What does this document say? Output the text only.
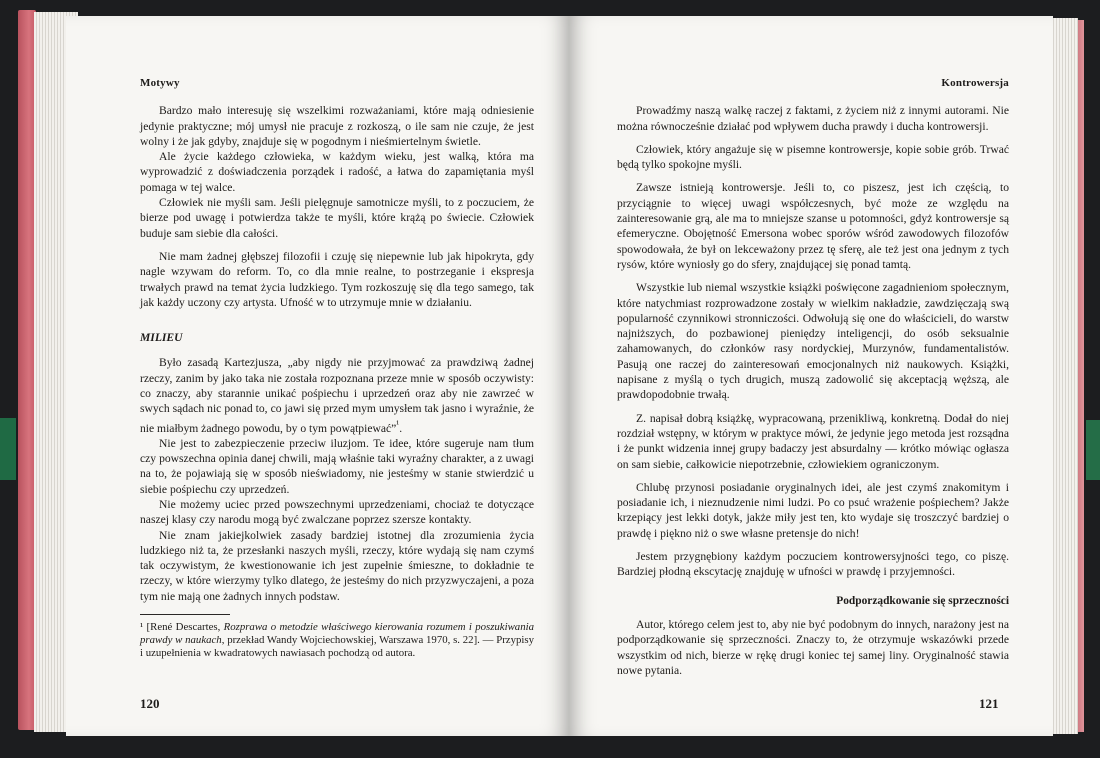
Motywy

Bardzo mało interesuję się wszelkimi rozważaniami, które mają odniesienie jedynie praktyczne; mój umysł nie pracuje z rozkoszą, o ile sam nie czuje, że jest wolny i że jak gdyby, znajduje się w pogodnym i nieśmiertelnym świetle.

Ale życie każdego człowieka, w każdym wieku, jest walką, która ma wyprowadzić z doświadczenia porządek i radość, a łatwa do zapamiętania myśl pomaga w tej walce.

Człowiek nie myśli sam. Jeśli pielęgnuje samotnicze myśli, to z poczuciem, że bierze pod uwagę i potwierdza także te myśli, które krążą po świecie. Człowiek buduje sam siebie dla całości.

Nie mam żadnej głębszej filozofii i czuję się niepewnie lub jak hipokryta, gdy nagle wzywam do reform. To, co dla mnie realne, to postrzeganie i ekspresja trwałych prawd na temat życia ludzkiego. Tym rozkoszuję się dla tego samego, tak jak każdy uczony czy artysta. Ufność w to utrzymuje mnie w działaniu.

MILIEU

Było zasadą Kartezjusza, „aby nigdy nie przyjmować za prawdziwą żadnej rzeczy, zanim by jako taka nie została rozpoznana przeze mnie w sposób oczywisty: co znaczy, aby starannie unikać pośpiechu i uprzedzeń oraz aby nie zawrzeć w swych sądach nic ponad to, co jawi się przed mym umysłem tak jasno i wyraźnie, że nie miałbym żadnego powodu, by o tym powątpiewać”$^{^1}$.

Nie jest to zabezpieczenie przeciw iluzjom. Te idee, które sugeruje nam tłum czy powszechna opinia danej chwili, mają właśnie taki wyraźny charakter, a z uwagi na to, że pojawiają się w sposób nieświadomy, nie jesteśmy w stanie stwierdzić u siebie pośpiechu czy uprzedzeń.

Nie możemy uciec przed powszechnymi uprzedzeniami, chociaż te dotyczące naszej klasy czy narodu mogą być zwalczane poprzez szersze kontakty.

Nie znam jakiejkolwiek zasady bardziej istotnej dla zrozumienia życia ludzkiego niż ta, że przesłanki naszych myśli, rzeczy, które wydają się nam czymś tak oczywistym, że kwestionowanie ich jest zupełnie śmieszne, to dokładnie te rzeczy, w które wierzymy tylko dlatego, że jesteśmy do nich przyzwyczajeni, a poza tym nie mają one żadnych innych podstaw.

¹ [René Descartes, Rozprawa o metodzie właściwego kierowania rozumem i poszukiwania prawdy w naukach, przekład Wandy Wojciechowskiej, Warszawa 1970, s. 22]. — Przypisy i uzupełnienia w kwadratowych nawiasach pochodzą od autora.

120
Kontrowersja

Prowadźmy naszą walkę raczej z faktami, z życiem niż z innymi autorami. Nie można równocześnie działać pod wpływem ducha prawdy i ducha kontrowersji.

Człowiek, który angażuje się w pisemne kontrowersje, kopie sobie grób. Trwać będą tylko spokojne myśli.

Zawsze istnieją kontrowersje. Jeśli to, co piszesz, jest ich częścią, to przyciągnie to więcej uwagi współczesnych, być może ze względu na zainteresowanie grą, ale ma to mniejsze szanse u potomności, gdyż kontrowersje są efemeryczne. Obojętność Emersona wobec sporów wśród zawodowych filozofów spowodowała, że był on lekceważony przez tę sferę, ale też jest ona jednym z tych rysów, które wyniosły go do sfery, znajdującej się ponad tamtą.

Wszystkie lub niemal wszystkie książki poświęcone zagadnieniom społecznym, które natychmiast rozprowadzone zostały w wielkim nakładzie, zawdzięczają swą popularność czynnikowi stronniczości. Odwołują się one do właścicieli, do warstw najniższych, do pozbawionej pieniędzy inteligencji, do osób seksualnie zahamowanych, do członków rasy nordyckiej, Murzynów, fundamentalistów. Pasują one raczej do zainteresowań emocjonalnych niż naukowych. Książki, napisane z myślą o tych drugich, muszą zadowolić się akceptacją węższą, ale prawdopodobnie trwałą.

Z. napisał dobrą książkę, wypracowaną, przenikliwą, konkretną. Dodał do niej rozdział wstępny, w którym w praktyce mówi, że jedynie jego metoda jest rozsądna i że punkt widzenia innej grupy badaczy jest absurdalny — krótko mówiąc ogłasza on sam siebie, całkowicie niepotrzebnie, człowiekiem ograniczonym.

Chlubę przynosi posiadanie oryginalnych idei, ale jest czymś znakomitym i posiadanie ich, i nieznudzenie nimi ludzi. Po co psuć wrażenie pośpiechem? Jakże krzepiący jest lekki dotyk, jakże miły jest ten, kto wydaje się troszczyć bardziej o prawdę i piękno niż o swe własne pretensje do nich!

Jestem przygnębiony każdym poczuciem kontrowersyjności tego, co piszę. Bardziej płodną ekscytację znajduję w ufności w prawdę i przyjemności.

Podporządkowanie się sprzeczności

Autor, którego celem jest to, aby nie być podobnym do innych, narażony jest na podporządkowanie się sprzeczności. Znaczy to, że otrzymuje wskazówki przede wszystkim od nich, bierze w rękę drugi koniec tej samej liny. Oryginalność stawia nowe pytania.

121
